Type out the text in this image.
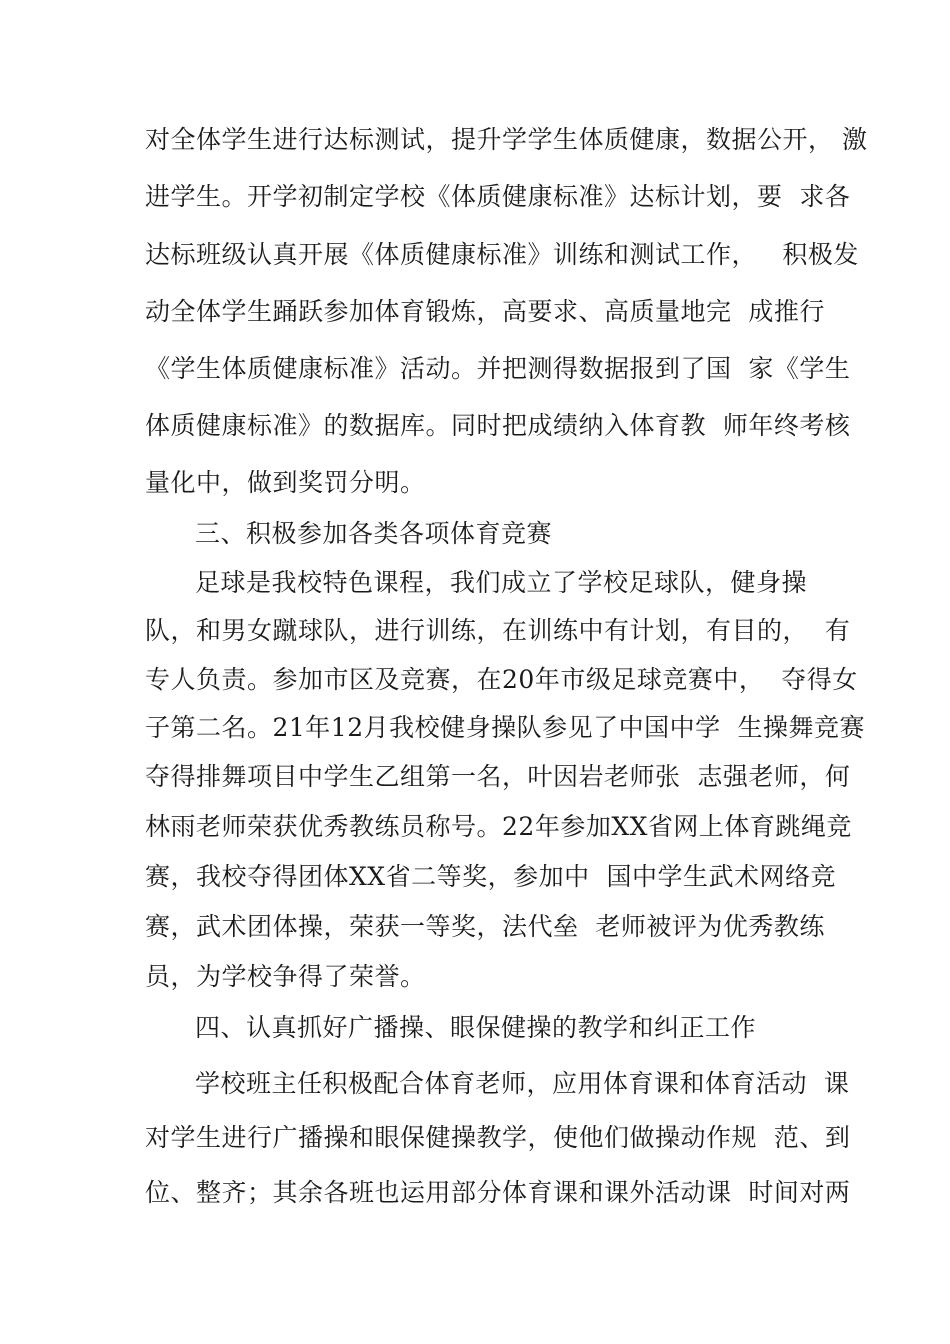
对全体学生进行达标测试，提升学学生体质健康，数据公开， 激
进学生。开学初制定学校《体质健康标准》达标计划，要  求各
达标班级认真开展《体质健康标准》训练和测试工作，   积极发
动全体学生踊跃参加体育锻炼，高要求、高质量地完  成推行
《学生体质健康标准》活动。并把测得数据报到了国  家《学生
体质健康标准》的数据库。同时把成绩纳入体育教  师年终考核
量化中，做到奖罚分明。
三、积极参加各类各项体育竞赛
足球是我校特色课程，我们成立了学校足球队，健身操
队，和男女蹴球队，进行训练，在训练中有计划，有目的，  有
专人负责。参加市区及竞赛，在20年市级足球竞赛中，  夺得女
子第二名。21年12月我校健身操队参见了中国中学  生操舞竞赛
夺得排舞项目中学生乙组第一名，叶因岩老师张  志强老师，何
林雨老师荣获优秀教练员称号。22年参加XX省网上体育跳绳竞
赛，我校夺得团体XX省二等奖，参加中  国中学生武术网络竞
赛，武术团体操，荣获一等奖，法代垒  老师被评为优秀教练
员，为学校争得了荣誉。
四、认真抓好广播操、眼保健操的教学和纠正工作
学校班主任积极配合体育老师，应用体育课和体育活动  课
对学生进行广播操和眼保健操教学，使他们做操动作规  范、到
位、整齐；其余各班也运用部分体育课和课外活动课  时间对两
